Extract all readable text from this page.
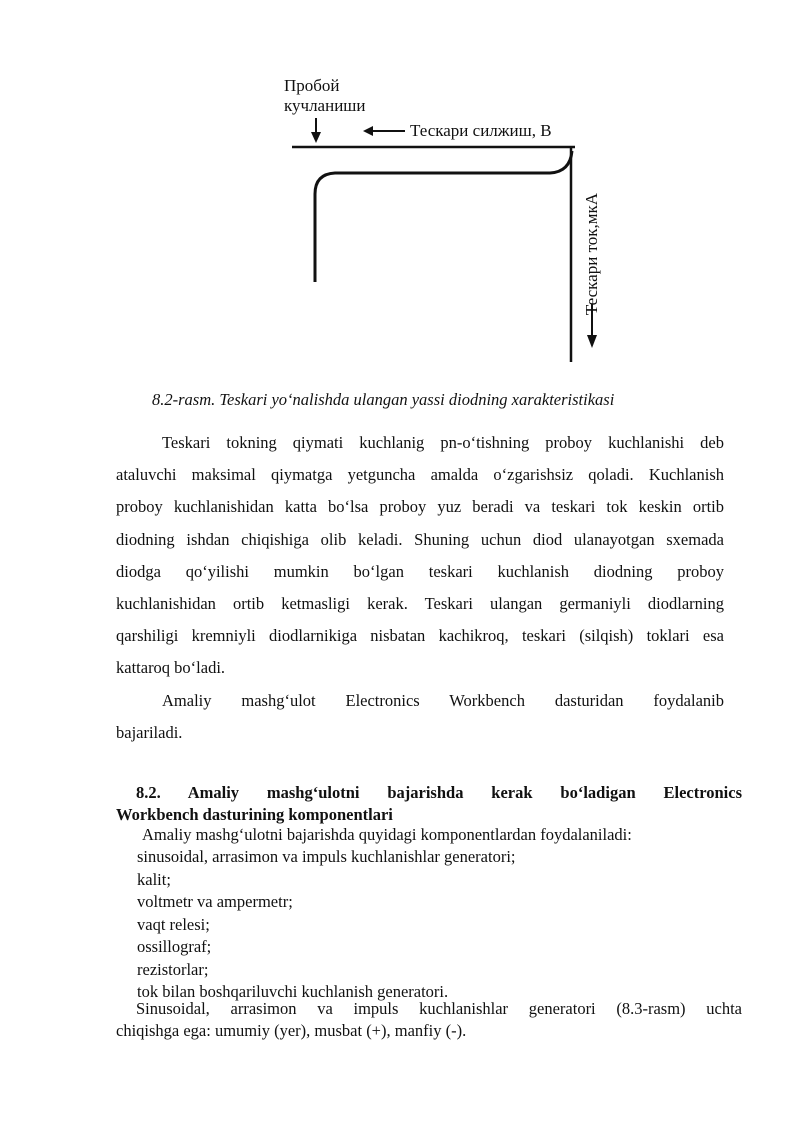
Пробой
кучланиши
Тескари силжиш, В
Тескари ток,мкА
8.2-rasm. Teskari yo‘nalishda ulangan yassi diodning xarakteristikasi
Teskari tokning qiymati kuchlanig pn-o‘tishning proboy kuchlanishi deb
ataluvchi maksimal qiymatga yetguncha amalda o‘zgarishsiz qoladi. Kuchlanish
proboy kuchlanishidan katta bo‘lsa proboy yuz beradi va teskari tok keskin ortib
diodning ishdan chiqishiga olib keladi. Shuning uchun diod ulanayotgan sxemada
diodga qo‘yilishi mumkin bo‘lgan teskari kuchlanish diodning proboy
kuchlanishidan ortib ketmasligi kerak. Teskari ulangan germaniyli diodlarning
qarshiligi kremniyli diodlarnikiga nisbatan kachikroq, teskari (silqish) toklari esa
kattaroq bo‘ladi.
Amaliy mashg‘ulot Electronics Workbench dasturidan foydalanib
bajariladi.
8.2. Amaliy mashg‘ulotni bajarishda kerak bo‘ladigan Electronics
Workbench dasturining komponentlari
Amaliy mashg‘ulotni bajarishda quyidagi komponentlardan foydalaniladi:
sinusoidal, arrasimon va impuls kuchlanishlar generatori;
kalit;
voltmetr va ampermetr;
vaqt relesi;
ossillograf;
rezistorlar;
tok bilan boshqariluvchi kuchlanish generatori.
Sinusoidal, arrasimon va impuls kuchlanishlar generatori (8.3-rasm) uchta
chiqishga ega: umumiy (yer), musbat (+), manfiy (-).
